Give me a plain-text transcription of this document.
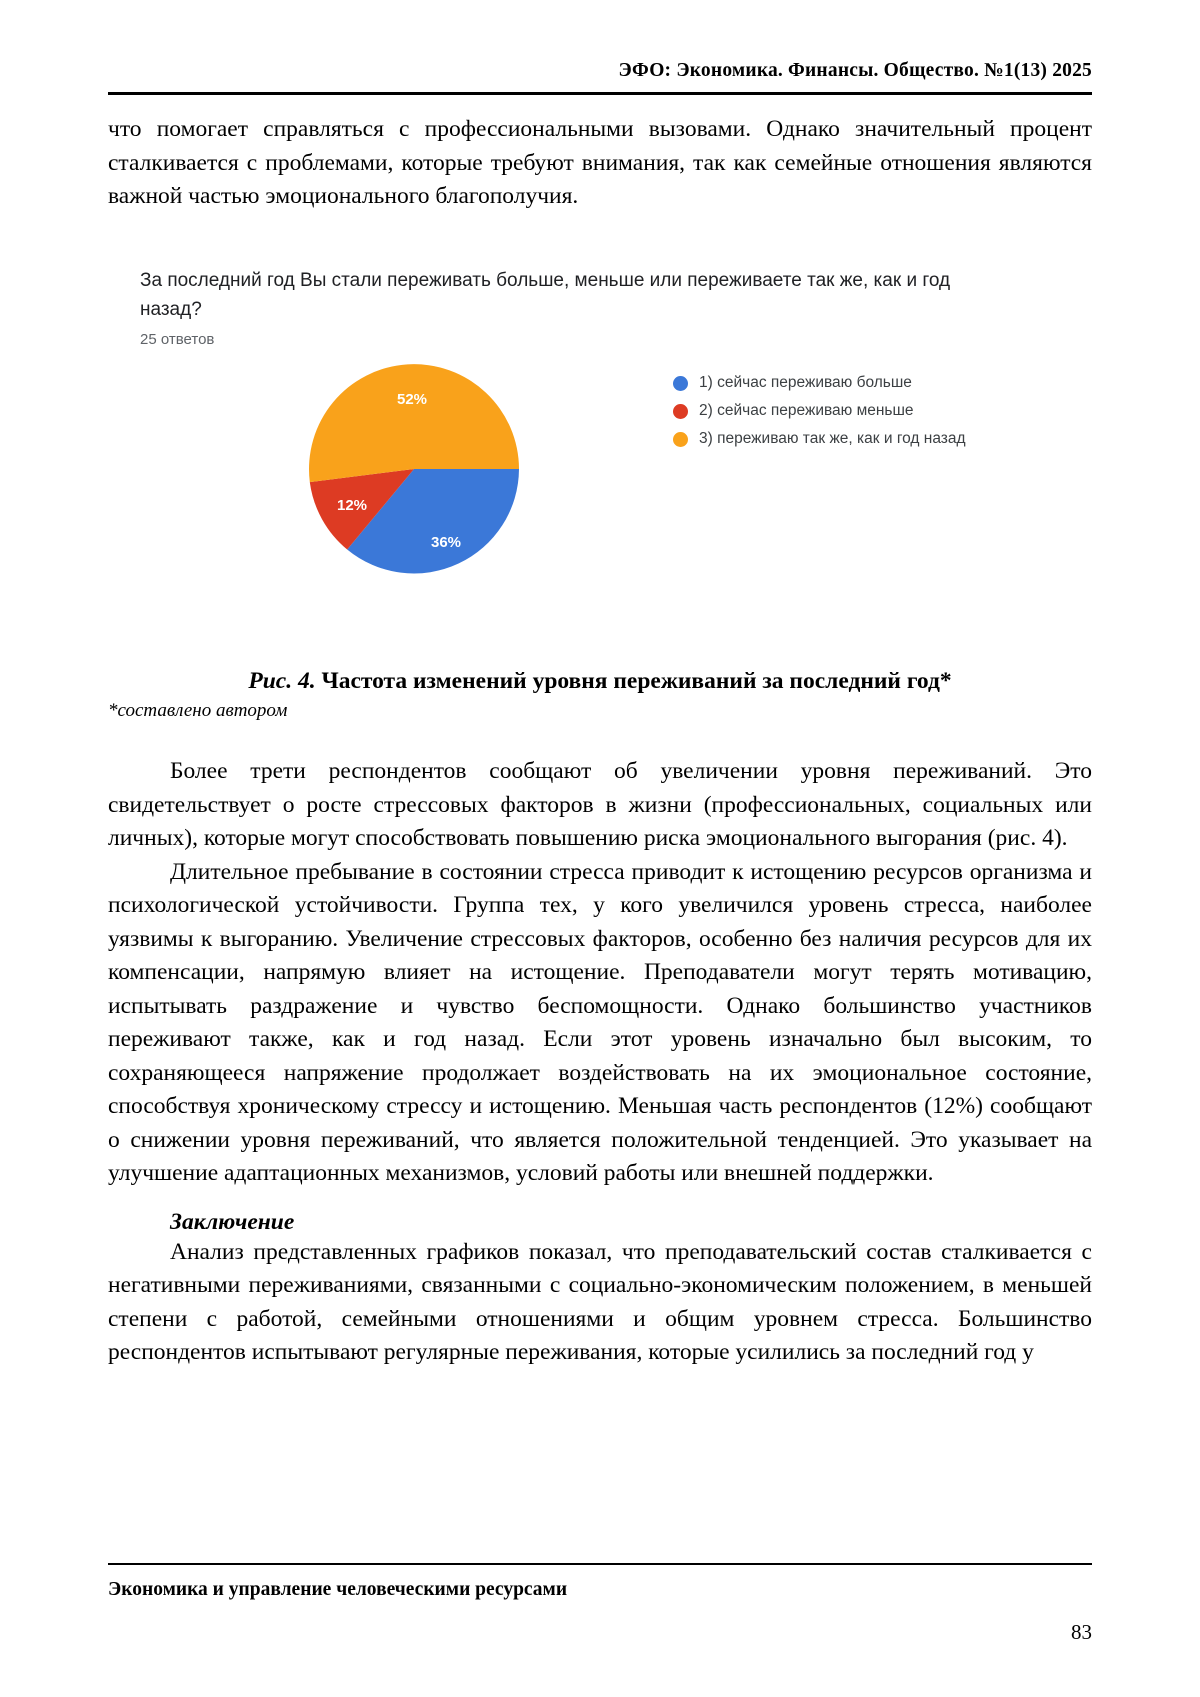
ЭФО: Экономика. Финансы. Общество. №1(13) 2025

что помогает справляться с профессиональными вызовами. Однако значительный процент сталкивается с проблемами, которые требуют внимания, так как семейные отношения являются важной частью эмоционального благополучия.

За последний год Вы стали переживать больше, меньше или переживаете так же, как и год назад?
25 ответов
36%
12%
52%
1) сейчас переживаю больше
2) сейчас переживаю меньше
3) переживаю так же, как и год назад
Рис. 4. Частота изменений уровня переживаний за последний год*
*составлено автором

Более трети респондентов сообщают об увеличении уровня переживаний. Это свидетельствует о росте стрессовых факторов в жизни (профессиональных, социальных или личных), которые могут способствовать повышению риска эмоционального выгорания (рис. 4).

Длительное пребывание в состоянии стресса приводит к истощению ресурсов организма и психологической устойчивости. Группа тех, у кого увеличился уровень стресса, наиболее уязвимы к выгоранию. Увеличение стрессовых факторов, особенно без наличия ресурсов для их компенсации, напрямую влияет на истощение. Преподаватели могут терять мотивацию, испытывать раздражение и чувство беспомощности. Однако большинство участников переживают также, как и год назад. Если этот уровень изначально был высоким, то сохраняющееся напряжение продолжает воздействовать на их эмоциональное состояние, способствуя хроническому стрессу и истощению. Меньшая часть респондентов (12%) сообщают о снижении уровня переживаний, что является положительной тенденцией. Это указывает на улучшение адаптационных механизмов, условий работы или внешней поддержки.

Заключение

Анализ представленных графиков показал, что преподавательский состав сталкивается с негативными переживаниями, связанными с социально-экономическим положением, в меньшей степени с работой, семейными отношениями и общим уровнем стресса. Большинство респондентов испытывают регулярные переживания, которые усилились за последний год у

Экономика и управление человеческими ресурсами
83
